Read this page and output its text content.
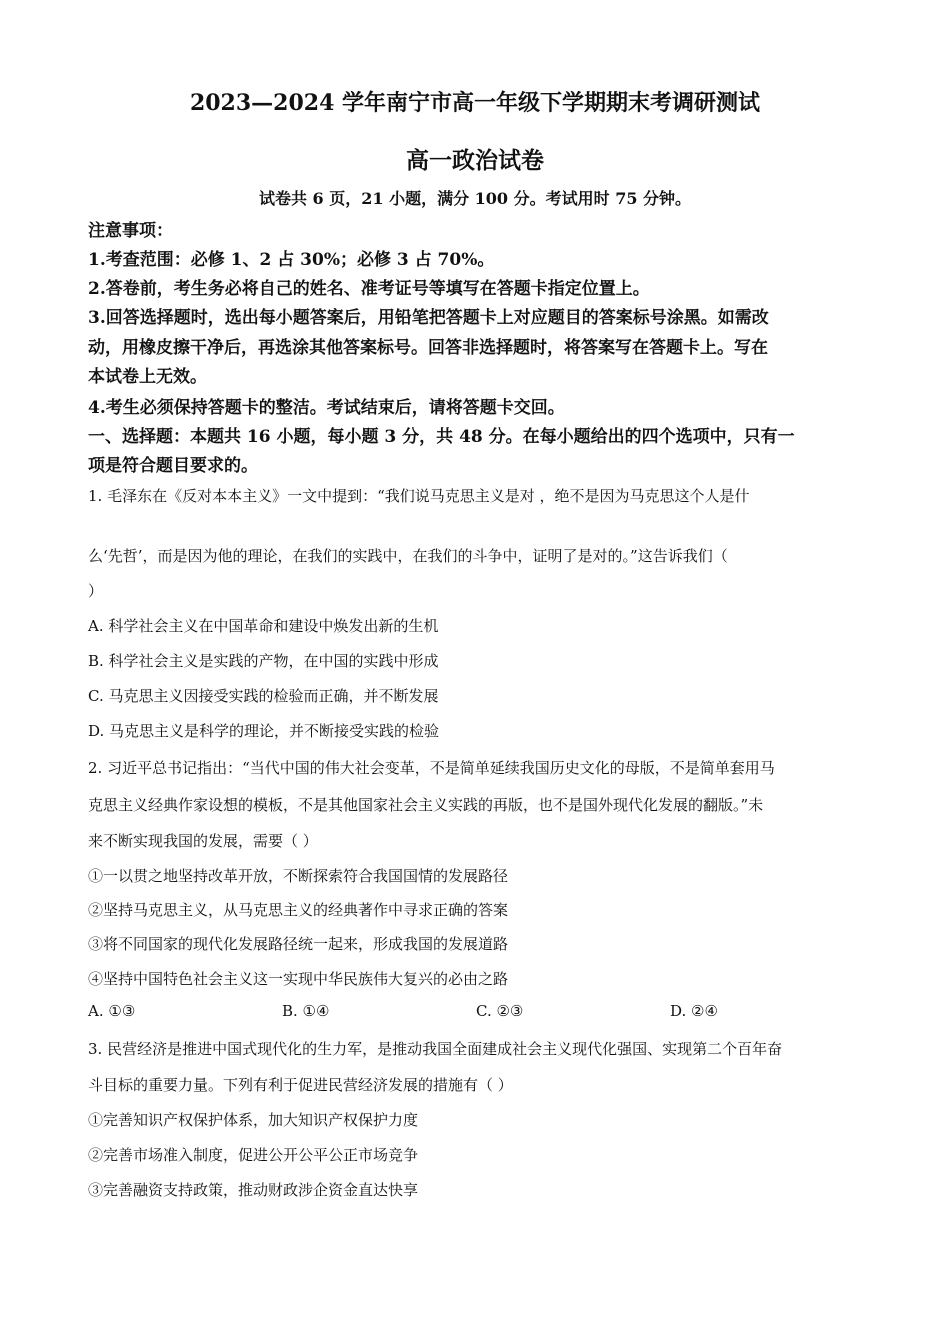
2023—2024 学年南宁市高一年级下学期期末考调研测试
高一政治试卷
试卷共 6 页，21 小题，满分 100 分。考试用时 75 分钟。
注意事项：
1.考查范围：必修 1、2 占 30%；必修 3 占 70%。
2.答卷前，考生务必将自己的姓名、准考证号等填写在答题卡指定位置上。
3.回答选择题时，选出每小题答案后，用铅笔把答题卡上对应题目的答案标号涂黑。如需改
动，用橡皮擦干净后，再选涂其他答案标号。回答非选择题时，将答案写在答题卡上。写在
本试卷上无效。
4.考生必须保持答题卡的整洁。考试结束后，请将答题卡交回。
一、选择题：本题共 16 小题，每小题 3 分，共 48 分。在每小题给出的四个选项中，只有一
项是符合题目要求的。
1. 毛泽东在《反对本本主义》一文中提到：“我们说马克思主义是对 ，绝不是因为马克思这个人是什
么‘先哲’，而是因为他的理论，在我们的实践中，在我们的斗争中，证明了是对的。”这告诉我们（
）
A. 科学社会主义在中国革命和建设中焕发出新的生机
B. 科学社会主义是实践的产物，在中国的实践中形成
C. 马克思主义因接受实践的检验而正确，并不断发展
D. 马克思主义是科学的理论，并不断接受实践的检验
2. 习近平总书记指出：“当代中国的伟大社会变革，不是简单延续我国历史文化的母版，不是简单套用马
克思主义经典作家设想的模板，不是其他国家社会主义实践的再版，也不是国外现代化发展的翻版。”未
来不断实现我国的发展，需要（ ）
①一以贯之地坚持改革开放，不断探索符合我国国情的发展路径
②坚持马克思主义，从马克思主义的经典著作中寻求正确的答案
③将不同国家的现代化发展路径统一起来，形成我国的发展道路
④坚持中国特色社会主义这一实现中华民族伟大复兴的必由之路
A. ①③	B. ①④	C. ②③	D. ②④
3. 民营经济是推进中国式现代化的生力军，是推动我国全面建成社会主义现代化强国、实现第二个百年奋
斗目标的重要力量。下列有利于促进民营经济发展的措施有（ ）
①完善知识产权保护体系，加大知识产权保护力度
②完善市场准入制度，促进公开公平公正市场竞争
③完善融资支持政策，推动财政涉企资金直达快享
